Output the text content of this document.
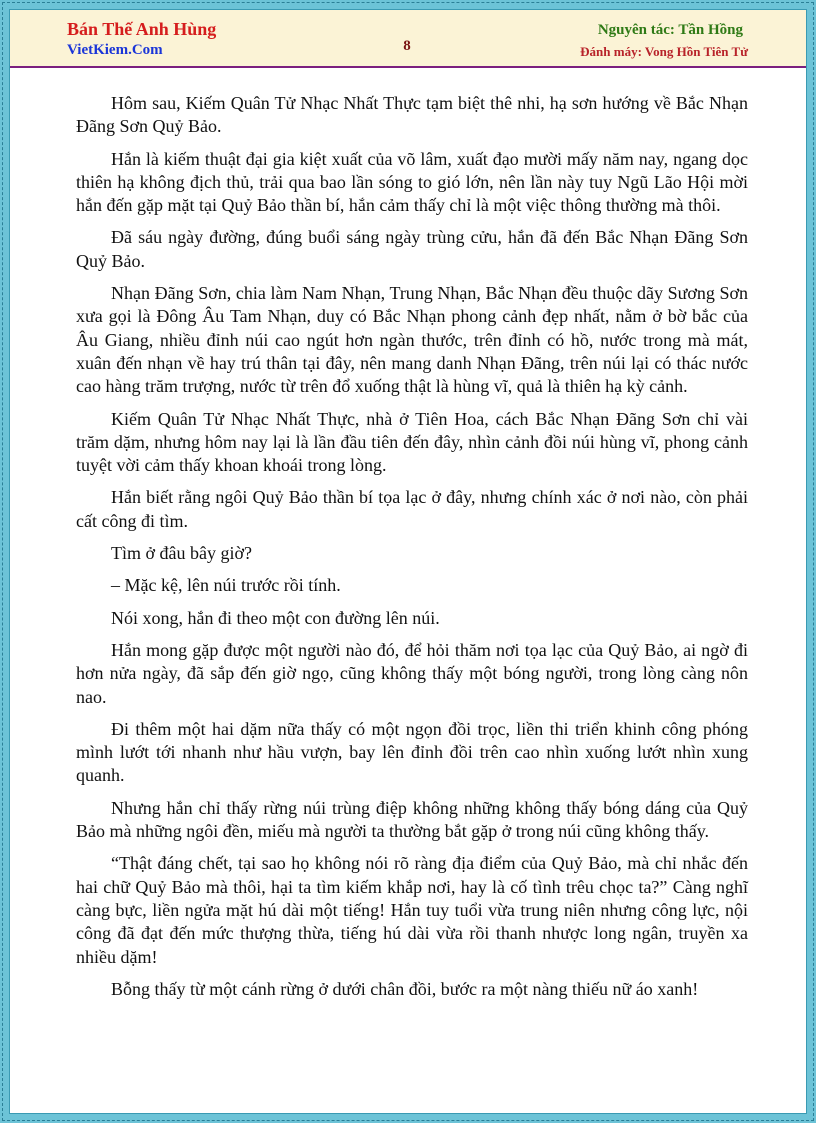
Bán Thế Anh Hùng
VietKiem.Com	8
Nguyên tác: Tần Hồng
Đánh máy: Vong Hồn Tiên Tử

Hôm sau, Kiếm Quân Tử Nhạc Nhất Thực tạm biệt thê nhi, hạ sơn hướng về Bắc Nhạn Đãng Sơn Quỷ Bảo.

Hắn là kiếm thuật đại gia kiệt xuất của võ lâm, xuất đạo mười mấy năm nay, ngang dọc thiên hạ không địch thủ, trải qua bao lần sóng to gió lớn, nên lần này tuy Ngũ Lão Hội mời hắn đến gặp mặt tại Quỷ Bảo thần bí, hắn cảm thấy chỉ là một việc thông thường mà thôi.

Đã sáu ngày đường, đúng buổi sáng ngày trùng cửu, hắn đã đến Bắc Nhạn Đãng Sơn Quỷ Bảo.

Nhạn Đãng Sơn, chia làm Nam Nhạn, Trung Nhạn, Bắc Nhạn đều thuộc dãy Sương Sơn xưa gọi là Đông Âu Tam Nhạn, duy có Bắc Nhạn phong cảnh đẹp nhất, nằm ở bờ bắc của Âu Giang, nhiều đỉnh núi cao ngút hơn ngàn thước, trên đỉnh có hồ, nước trong mà mát, xuân đến nhạn về hay trú thân tại đây, nên mang danh Nhạn Đãng, trên núi lại có thác nước cao hàng trăm trượng, nước từ trên đổ xuống thật là hùng vĩ, quả là thiên hạ kỳ cảnh.

Kiếm Quân Tử Nhạc Nhất Thực, nhà ở Tiên Hoa, cách Bắc Nhạn Đãng Sơn chỉ vài trăm dặm, nhưng hôm nay lại là lần đầu tiên đến đây, nhìn cảnh đồi núi hùng vĩ, phong cảnh tuyệt vời cảm thấy khoan khoái trong lòng.

Hắn biết rằng ngôi Quỷ Bảo thần bí tọa lạc ở đây, nhưng chính xác ở nơi nào, còn phải cất công đi tìm.

Tìm ở đâu bây giờ?

– Mặc kệ, lên núi trước rồi tính.

Nói xong, hắn đi theo một con đường lên núi.

Hắn mong gặp được một người nào đó, để hỏi thăm nơi tọa lạc của Quỷ Bảo, ai ngờ đi hơn nửa ngày, đã sắp đến giờ ngọ, cũng không thấy một bóng người, trong lòng càng nôn nao.

Đi thêm một hai dặm nữa thấy có một ngọn đồi trọc, liền thi triển khinh công phóng mình lướt tới nhanh như hầu vượn, bay lên đỉnh đồi trên cao nhìn xuống lướt nhìn xung quanh.

Nhưng hắn chỉ thấy rừng núi trùng điệp không những không thấy bóng dáng của Quỷ Bảo mà những ngôi đền, miếu mà người ta thường bắt gặp ở trong núi cũng không thấy.

“Thật đáng chết, tại sao họ không nói rõ ràng địa điểm của Quỷ Bảo, mà chỉ nhắc đến hai chữ Quỷ Bảo mà thôi, hại ta tìm kiếm khắp nơi, hay là cố tình trêu chọc ta?” Càng nghĩ càng bực, liền ngửa mặt hú dài một tiếng! Hắn tuy tuổi vừa trung niên nhưng công lực, nội công đã đạt đến mức thượng thừa, tiếng hú dài vừa rồi thanh nhược long ngân, truyền xa nhiều dặm!

Bỗng thấy từ một cánh rừng ở dưới chân đồi, bước ra một nàng thiếu nữ áo xanh!
